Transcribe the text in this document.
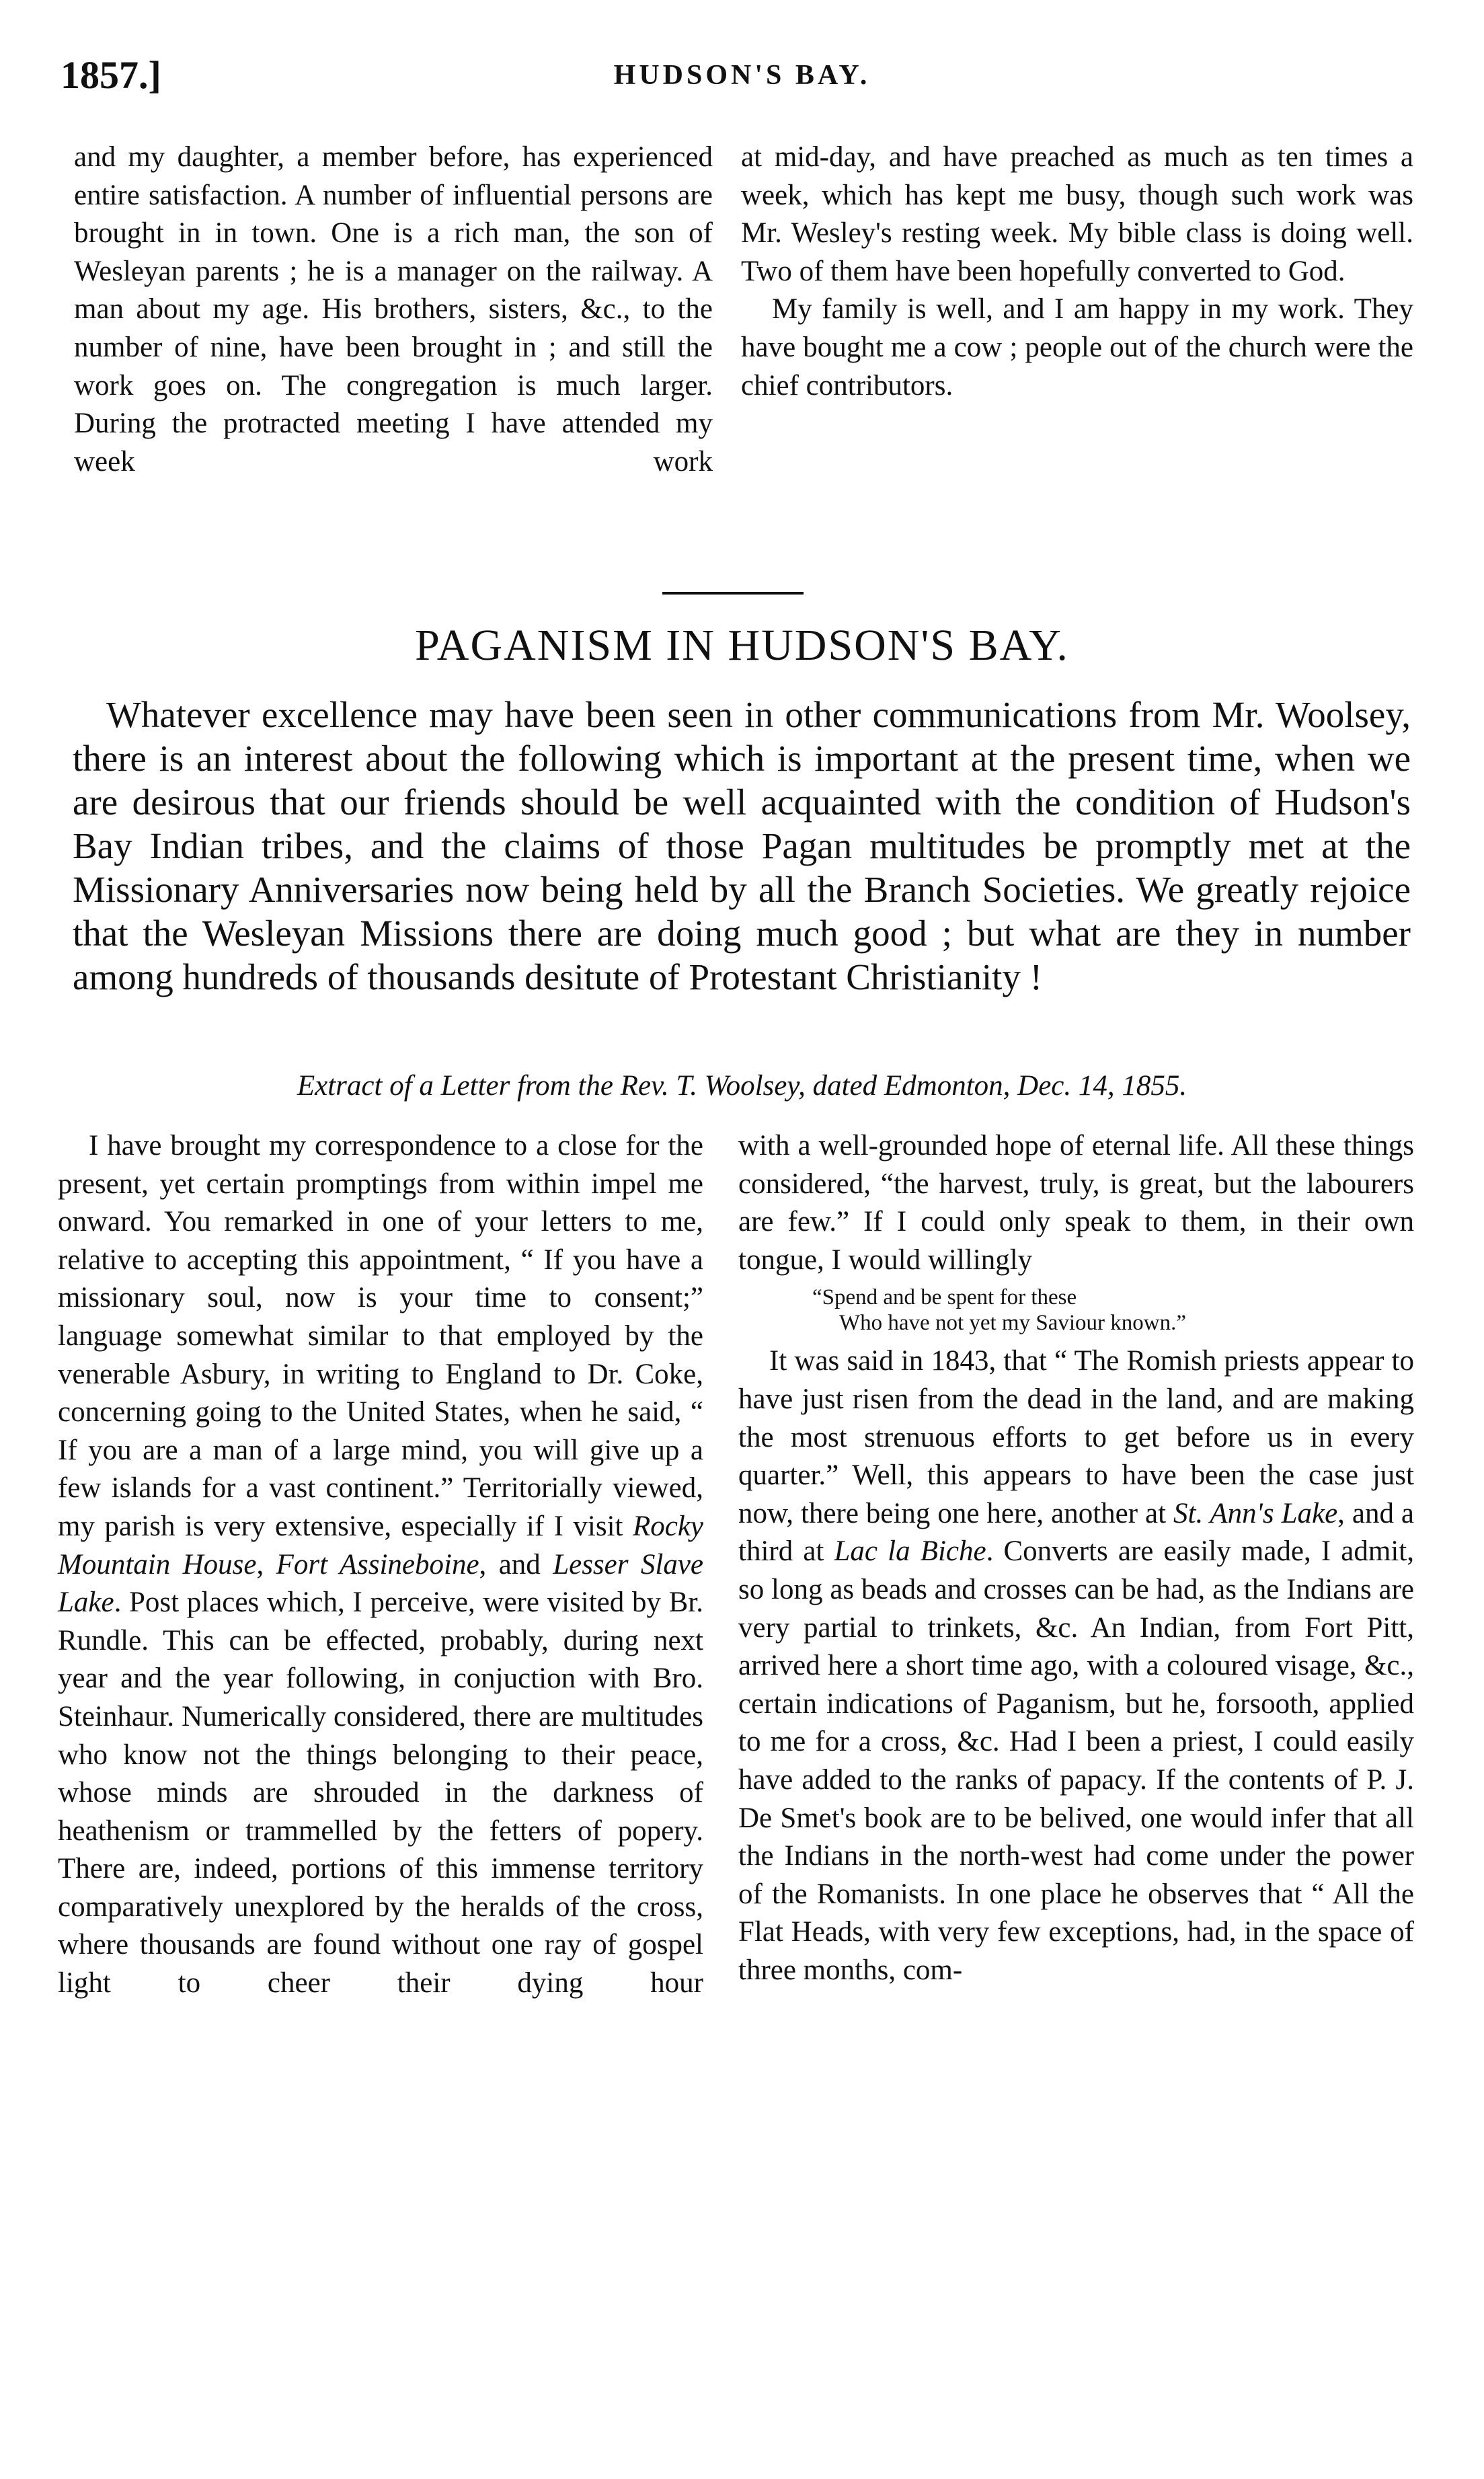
1857.]	HUDSON'S BAY.

and my daughter, a member before, has experienced entire satisfaction. A number of influential persons are brought in in town. One is a rich man, the son of Wesleyan parents ; he is a manager on the railway. A man about my age. His brothers, sisters, &c., to the number of nine, have been brought in ; and still the work goes on. The congregation is much larger. During the protracted meeting I have attended my week work

at mid-day, and have preached as much as ten times a week, which has kept me busy, though such work was Mr. Wesley's resting week. My bible class is doing well. Two of them have been hopefully converted to God.

My family is well, and I am happy in my work. They have bought me a cow ; people out of the church were the chief contributors.

PAGANISM IN HUDSON'S BAY.

Whatever excellence may have been seen in other communications from Mr. Woolsey, there is an interest about the following which is important at the present time, when we are desirous that our friends should be well acquainted with the condition of Hudson's Bay Indian tribes, and the claims of those Pagan multitudes be promptly met at the Missionary Anniversaries now being held by all the Branch Societies. We greatly rejoice that the Wesleyan Missions there are doing much good ; but what are they in number among hundreds of thousands desitute of Protestant Christianity !

Extract of a Letter from the Rev. T. Woolsey, dated Edmonton, Dec. 14, 1855.

I have brought my correspondence to a close for the present, yet certain promptings from within impel me onward. You remarked in one of your letters to me, relative to accepting this appointment, “ If you have a missionary soul, now is your time to consent;” language somewhat similar to that employed by the venerable Asbury, in writing to England to Dr. Coke, concerning going to the United States, when he said, “ If you are a man of a large mind, you will give up a few islands for a vast continent.” Territorially viewed, my parish is very extensive, especially if I visit Rocky Mountain House, Fort Assineboine, and Lesser Slave Lake. Post places which, I perceive, were visited by Br. Rundle. This can be effected, probably, during next year and the year following, in conjuction with Bro. Steinhaur. Numerically considered, there are multitudes who know not the things belonging to their peace, whose minds are shrouded in the darkness of heathenism or trammelled by the fetters of popery. There are, indeed, portions of this immense territory comparatively unexplored by the heralds of the cross, where thousands are found without one ray of gospel light to cheer their dying hour

with a well-grounded hope of eternal life. All these things considered, “the harvest, truly, is great, but the labourers are few.” If I could only speak to them, in their own tongue, I would willingly

“Spend and be spent for these
Who have not yet my Saviour known.”

It was said in 1843, that “ The Romish priests appear to have just risen from the dead in the land, and are making the most strenuous efforts to get before us in every quarter.” Well, this appears to have been the case just now, there being one here, another at St. Ann's Lake, and a third at Lac la Biche. Converts are easily made, I admit, so long as beads and crosses can be had, as the Indians are very partial to trinkets, &c. An Indian, from Fort Pitt, arrived here a short time ago, with a coloured visage, &c., certain indications of Paganism, but he, forsooth, applied to me for a cross, &c. Had I been a priest, I could easily have added to the ranks of papacy. If the contents of P. J. De Smet's book are to be belived, one would infer that all the Indians in the north-west had come under the power of the Romanists. In one place he observes that “ All the Flat Heads, with very few exceptions, had, in the space of three months, com-
